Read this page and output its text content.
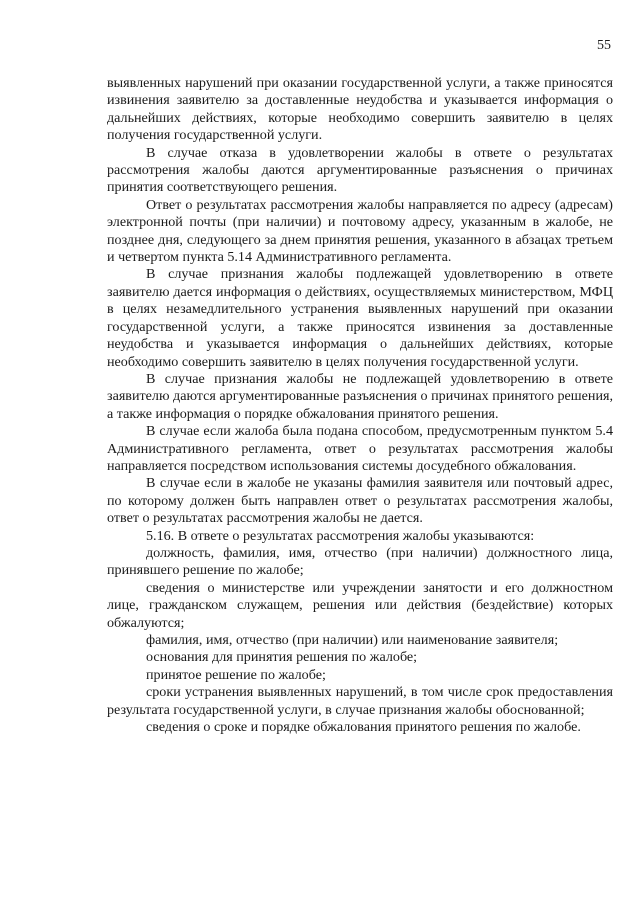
55

выявленных нарушений при оказании государственной услуги, а также приносятся извинения заявителю за доставленные неудобства и указывается информация о дальнейших действиях, которые необходимо совершить заявителю в целях получения государственной услуги.

В случае отказа в удовлетворении жалобы в ответе о результатах рассмотрения жалобы даются аргументированные разъяснения о причинах принятия соответствующего решения.

Ответ о результатах рассмотрения жалобы направляется по адресу (адресам) электронной почты (при наличии) и почтовому адресу, указанным в жалобе, не позднее дня, следующего за днем принятия решения, указанного в абзацах третьем и четвертом пункта 5.14 Административного регламента.

В случае признания жалобы подлежащей удовлетворению в ответе заявителю дается информация о действиях, осуществляемых министерством, МФЦ в целях незамедлительного устранения выявленных нарушений при оказании государственной услуги, а также приносятся извинения за доставленные неудобства и указывается информация о дальнейших действиях, которые необходимо совершить заявителю в целях получения государственной услуги.

В случае признания жалобы не подлежащей удовлетворению в ответе заявителю даются аргументированные разъяснения о причинах принятого решения, а также информация о порядке обжалования принятого решения.

В случае если жалоба была подана способом, предусмотренным пунктом 5.4 Административного регламента, ответ о результатах рассмотрения жалобы направляется посредством использования системы досудебного обжалования.

В случае если в жалобе не указаны фамилия заявителя или почтовый адрес, по которому должен быть направлен ответ о результатах рассмотрения жалобы, ответ о результатах рассмотрения жалобы не дается.

5.16. В ответе о результатах рассмотрения жалобы указываются:

должность, фамилия, имя, отчество (при наличии) должностного лица, принявшего решение по жалобе;

сведения о министерстве или учреждении занятости и его должностном лице, гражданском служащем, решения или действия (бездействие) которых обжалуются;

фамилия, имя, отчество (при наличии) или наименование заявителя;

основания для принятия решения по жалобе;

принятое решение по жалобе;

сроки устранения выявленных нарушений, в том числе срок предоставления результата государственной услуги, в случае признания жалобы обоснованной;

сведения о сроке и порядке обжалования принятого решения по жалобе.
